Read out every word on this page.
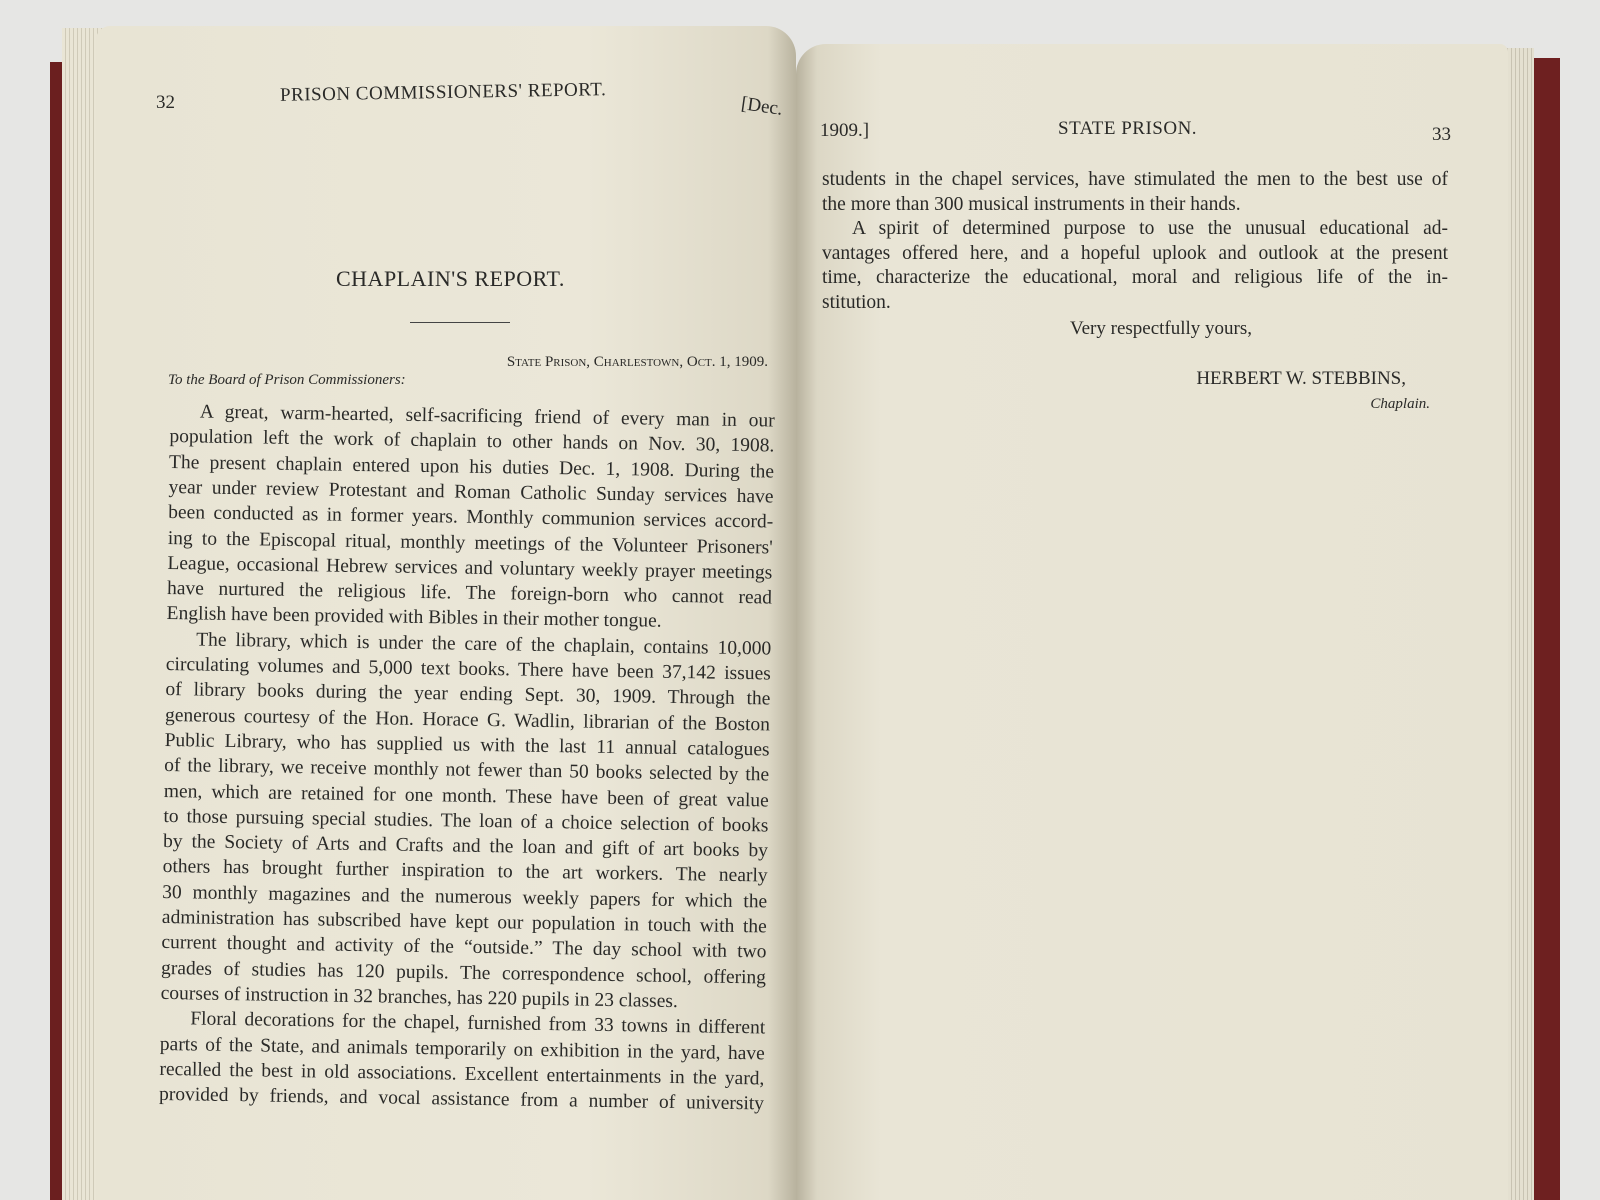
32	PRISON COMMISSIONERS' REPORT.
[Dec.
CHAPLAIN'S REPORT.
State Prison, Charlestown, Oct. 1, 1909.
To the Board of Prison Commissioners:
A great, warm-hearted, self-sacrificing friend of every man in our
population left the work of chaplain to other hands on Nov. 30, 1908.
The present chaplain entered upon his duties Dec. 1, 1908. During the
year under review Protestant and Roman Catholic Sunday services have
been conducted as in former years. Monthly communion services accord-
ing to the Episcopal ritual, monthly meetings of the Volunteer Prisoners'
League, occasional Hebrew services and voluntary weekly prayer meetings
have nurtured the religious life. The foreign-born who cannot read
English have been provided with Bibles in their mother tongue.
The library, which is under the care of the chaplain, contains 10,000
circulating volumes and 5,000 text books. There have been 37,142 issues
of library books during the year ending Sept. 30, 1909. Through the
generous courtesy of the Hon. Horace G. Wadlin, librarian of the Boston
Public Library, who has supplied us with the last 11 annual catalogues
of the library, we receive monthly not fewer than 50 books selected by the
men, which are retained for one month. These have been of great value
to those pursuing special studies. The loan of a choice selection of books
by the Society of Arts and Crafts and the loan and gift of art books by
others has brought further inspiration to the art workers. The nearly
30 monthly magazines and the numerous weekly papers for which the
administration has subscribed have kept our population in touch with the
current thought and activity of the “outside.” The day school with two
grades of studies has 120 pupils. The correspondence school, offering
courses of instruction in 32 branches, has 220 pupils in 23 classes.
Floral decorations for the chapel, furnished from 33 towns in different
parts of the State, and animals temporarily on exhibition in the yard, have
recalled the best in old associations. Excellent entertainments in the yard,
provided by friends, and vocal assistance from a number of university
1909.]	STATE PRISON.	33
students in the chapel services, have stimulated the men to the best use of
the more than 300 musical instruments in their hands.
A spirit of determined purpose to use the unusual educational ad-
vantages offered here, and a hopeful uplook and outlook at the present
time, characterize the educational, moral and religious life of the in-
stitution.
Very respectfully yours,
HERBERT W. STEBBINS,
Chaplain.
